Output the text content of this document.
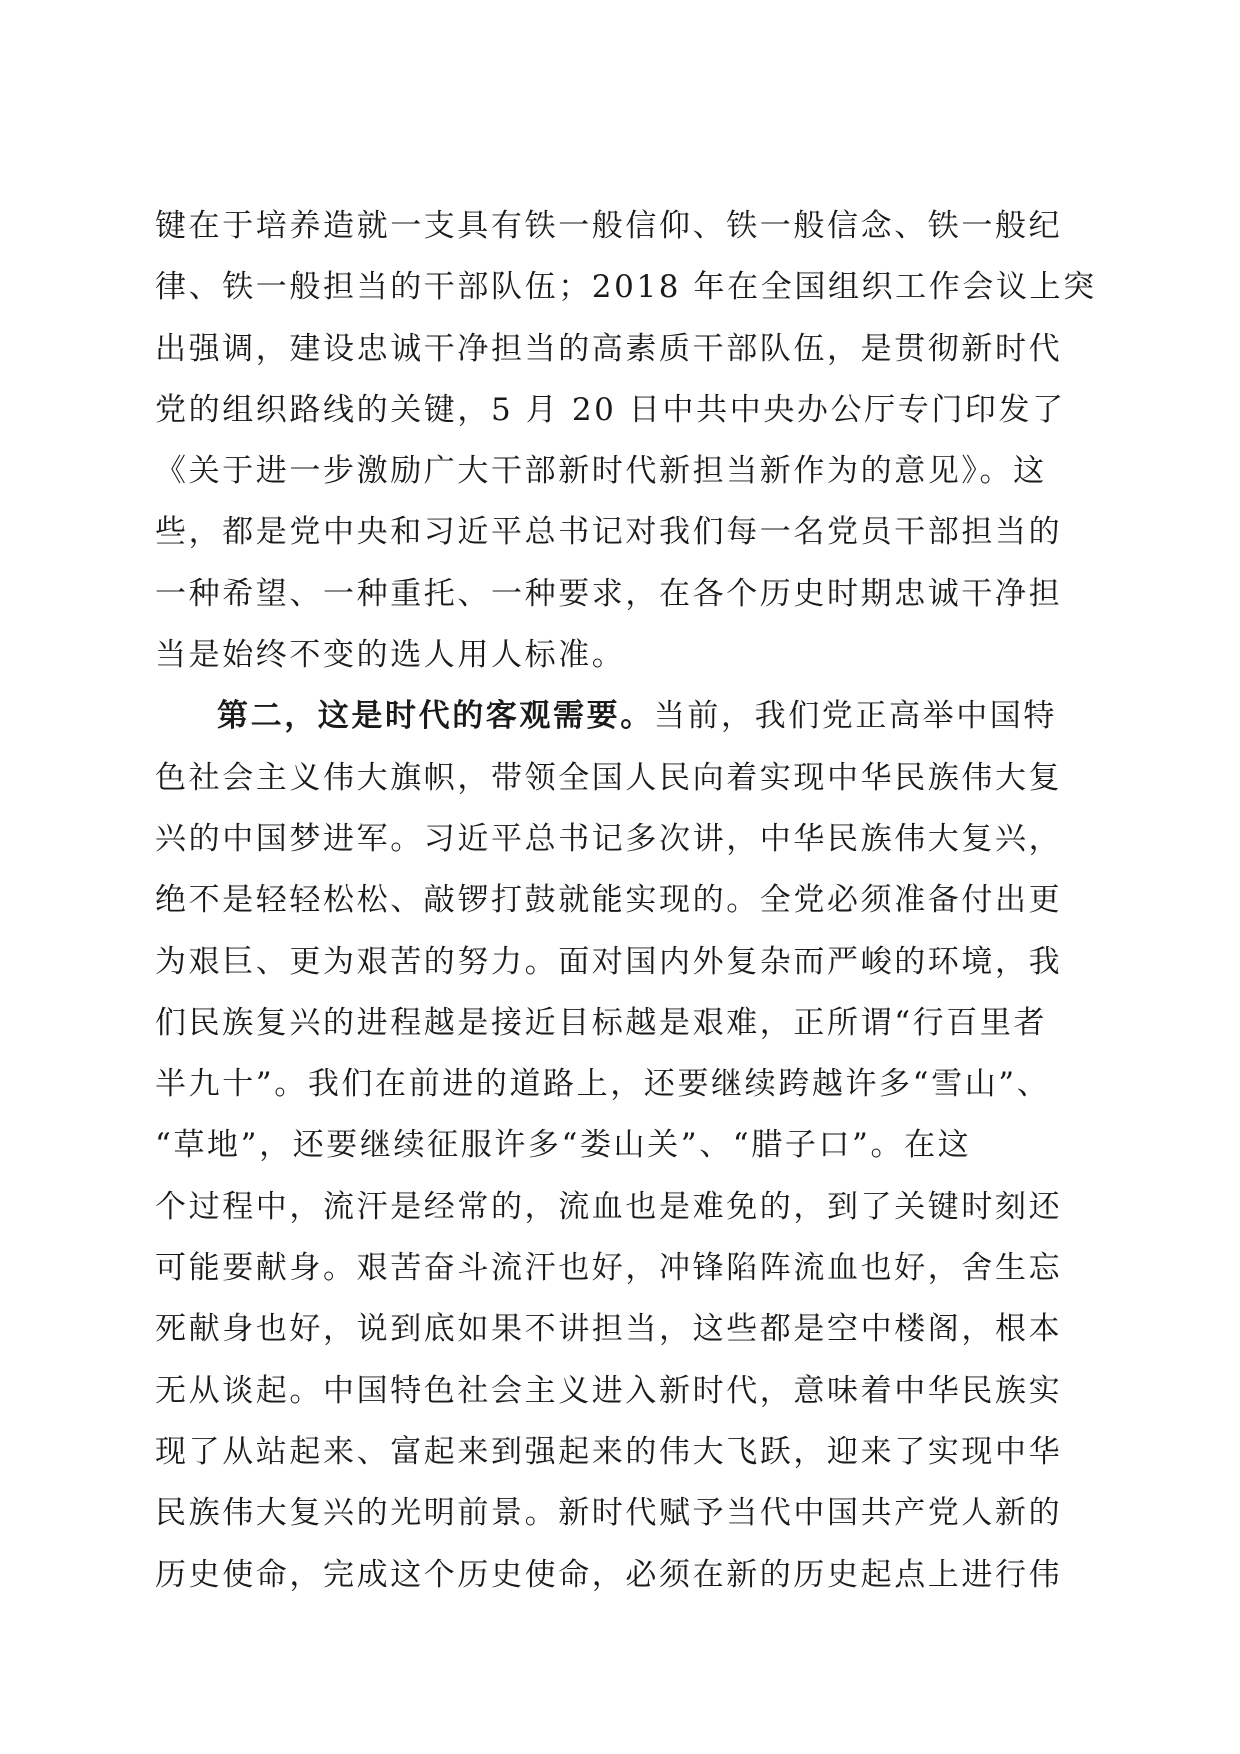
键在于培养造就一支具有铁一般信仰、铁一般信念、铁一般纪
律、铁一般担当的干部队伍；2018 年在全国组织工作会议上突
出强调，建设忠诚干净担当的高素质干部队伍，是贯彻新时代
党的组织路线的关键，5 月 20 日中共中央办公厅专门印发了
《关于进一步激励广大干部新时代新担当新作为的意见》。这
些，都是党中央和习近平总书记对我们每一名党员干部担当的
一种希望、一种重托、一种要求，在各个历史时期忠诚干净担
当是始终不变的选人用人标准。
第二，这是时代的客观需要。当前，我们党正高举中国特
色社会主义伟大旗帜，带领全国人民向着实现中华民族伟大复
兴的中国梦进军。习近平总书记多次讲，中华民族伟大复兴，
绝不是轻轻松松、敲锣打鼓就能实现的。全党必须准备付出更
为艰巨、更为艰苦的努力。面对国内外复杂而严峻的环境，我
们民族复兴的进程越是接近目标越是艰难，正所谓“行百里者
半九十”。我们在前进的道路上，还要继续跨越许多“雪山”、
“草地”，还要继续征服许多“娄山关”、“腊子口”。在这
个过程中，流汗是经常的，流血也是难免的，到了关键时刻还
可能要献身。艰苦奋斗流汗也好，冲锋陷阵流血也好，舍生忘
死献身也好，说到底如果不讲担当，这些都是空中楼阁，根本
无从谈起。中国特色社会主义进入新时代，意味着中华民族实
现了从站起来、富起来到强起来的伟大飞跃，迎来了实现中华
民族伟大复兴的光明前景。新时代赋予当代中国共产党人新的
历史使命，完成这个历史使命，必须在新的历史起点上进行伟
